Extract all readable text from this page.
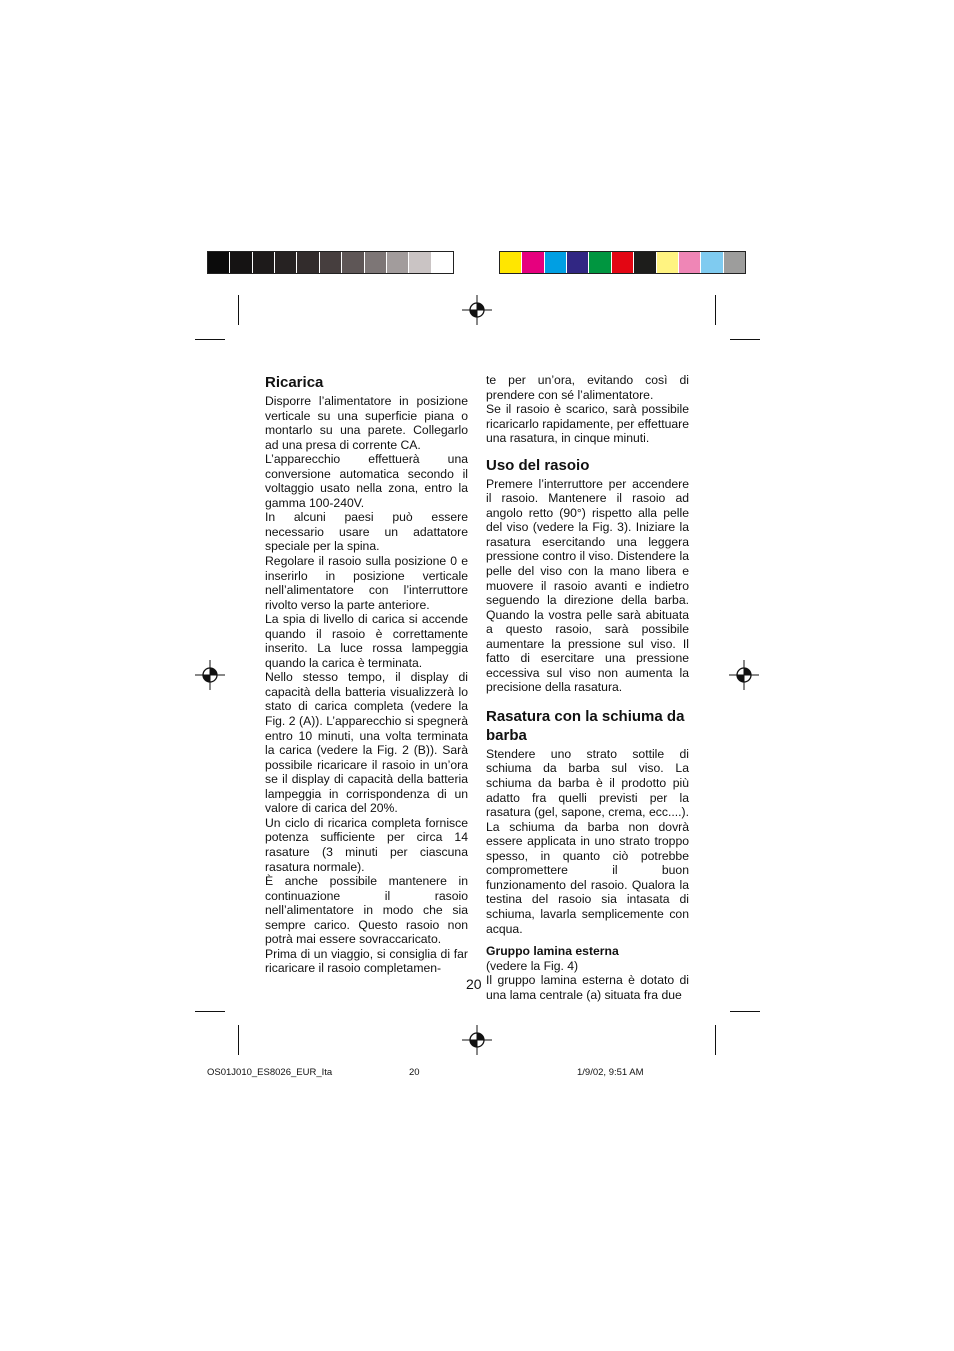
Ricarica

Disporre l’alimentatore in posizione verticale su una superficie piana o montarlo su una parete. Collegarlo ad una presa di corrente CA.

L’apparecchio effettuerà una conversione automatica secondo il voltaggio usato nella zona, entro la gamma 100-240V.

In alcuni paesi può essere necessario usare un adattatore speciale per la spina.

Regolare il rasoio sulla posizione 0 e inserirlo in posizione verticale nell’alimentatore con l’interruttore rivolto verso la parte anteriore.

La spia di livello di carica si accende quando il rasoio è correttamente inserito. La luce rossa lampeggia quando la carica è terminata.

Nello stesso tempo, il display di capacità della batteria visualizzerà lo stato di carica completa (vedere la Fig. 2 (A)). L’apparecchio si spegnerà entro 10 minuti, una volta terminata la carica (vedere la Fig. 2 (B)). Sarà possibile ricaricare il rasoio in un’ora se il display di capacità della batteria lampeggia in corrispondenza di un valore di carica del 20%.

Un ciclo di ricarica completa fornisce potenza sufficiente per circa 14 rasature (3 minuti per ciascuna rasatura normale).

È anche possibile mantenere in continuazione il rasoio nell’alimentatore in modo che sia sempre carico. Questo rasoio non potrà mai essere sovraccaricato.

Prima di un viaggio, si consiglia di far ricaricare il rasoio completamen-

te per un’ora, evitando così di prendere con sé l’alimentatore.

Se il rasoio è scarico, sarà possibile ricaricarlo rapidamente, per effettuare una rasatura, in cinque minuti.

Uso del rasoio

Premere l’interruttore per accendere il rasoio. Mantenere il rasoio ad angolo retto (90°) rispetto alla pelle del viso (vedere la Fig. 3). Iniziare la rasatura esercitando una leggera pressione contro il viso. Distendere la pelle del viso con la mano libera e muovere il rasoio avanti e indietro seguendo la direzione della barba. Quando la vostra pelle sarà abituata a questo rasoio, sarà possibile aumentare la pressione sul viso. Il fatto di esercitare una pressione eccessiva sul viso non aumenta la precisione della rasatura.

Rasatura con la schiuma da barba

Stendere uno strato sottile di schiuma da barba sul viso. La schiuma da barba è il prodotto più adatto fra quelli previsti per la rasatura (gel, sapone, crema, ecc....). La schiuma da barba non dovrà essere applicata in uno strato troppo spesso, in quanto ciò potrebbe compromettere il buon funzionamento del rasoio. Qualora la testina del rasoio sia intasata di schiuma, lavarla semplicemente con acqua.

Gruppo lamina esterna

(vedere la Fig. 4)

Il gruppo lamina esterna è dotato di una lama centrale (a) situata fra due

20
OS01J010_ES8026_EUR_Ita	20	1/9/02, 9:51 AM
